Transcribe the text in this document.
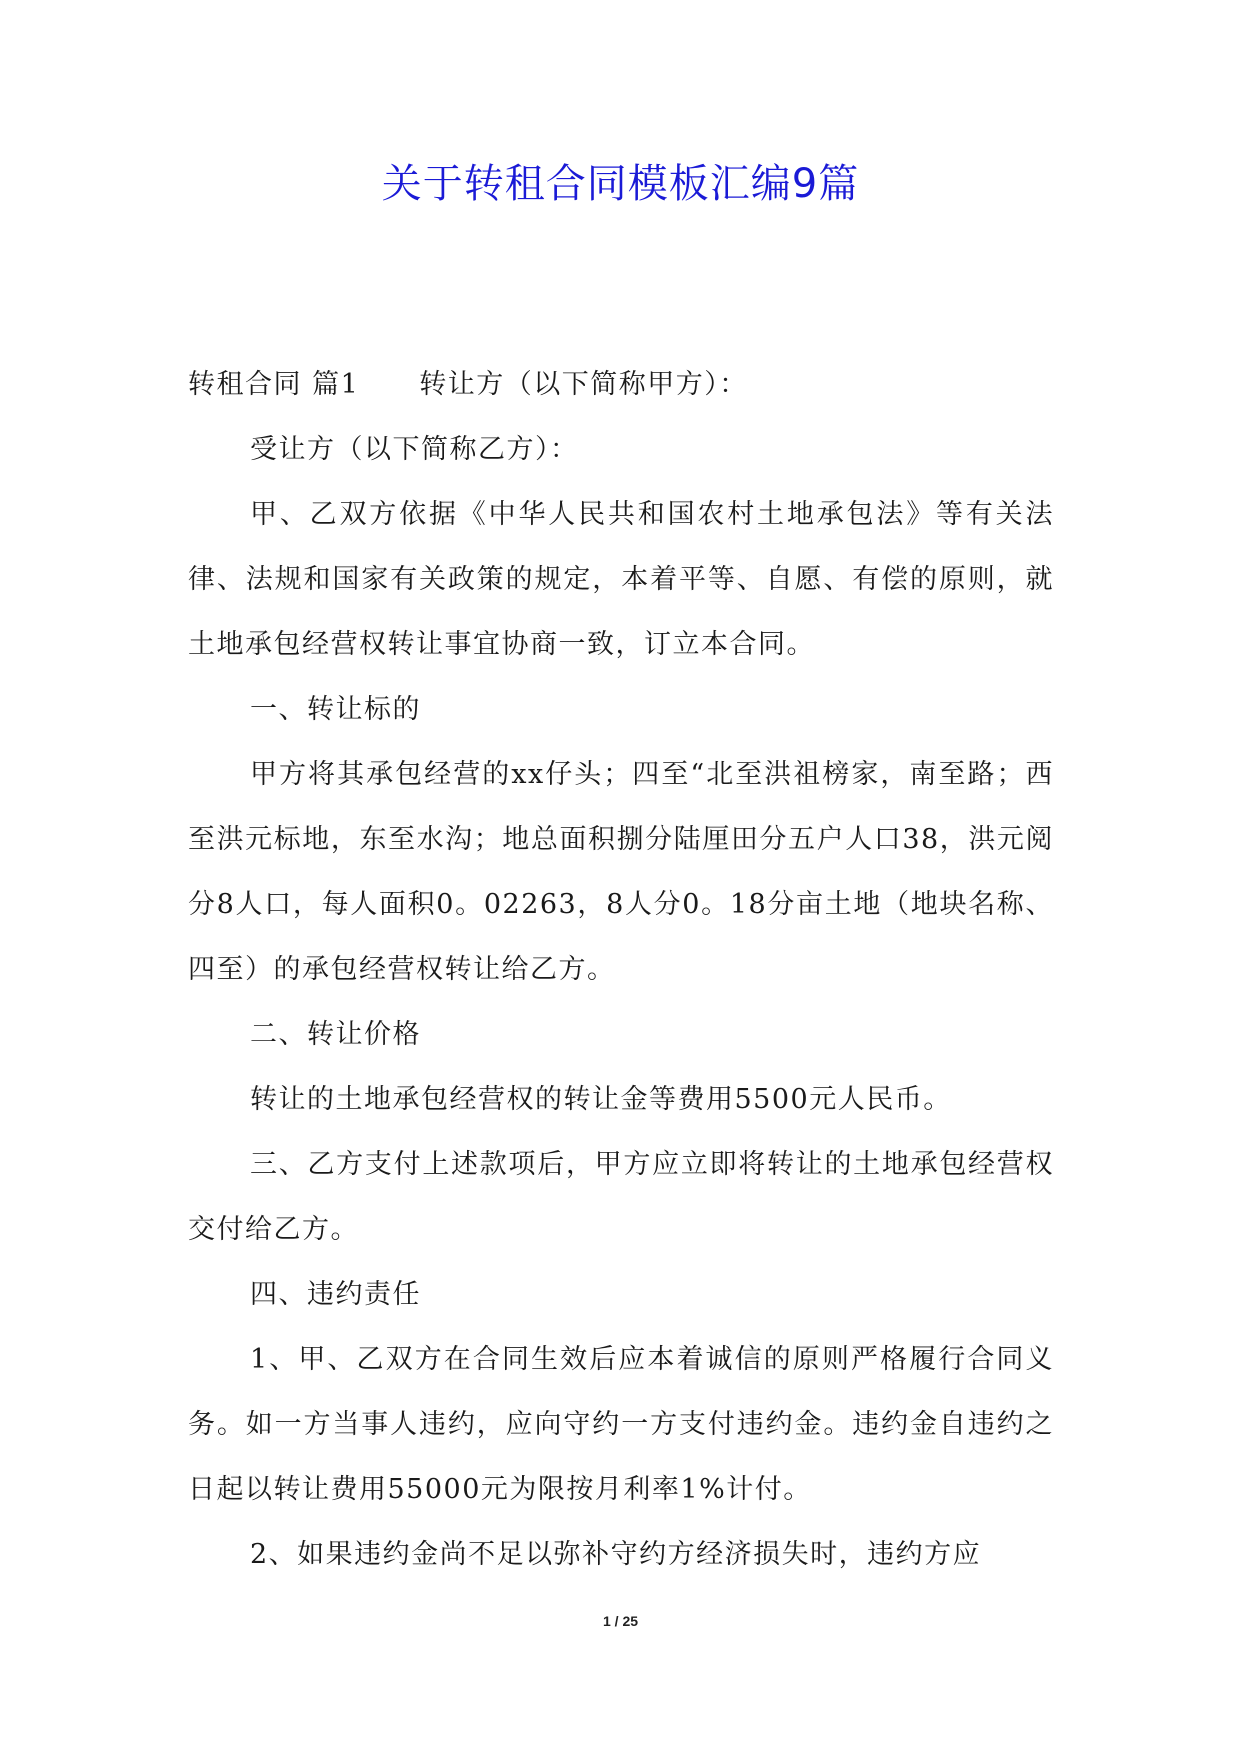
关于转租合同模板汇编9篇

转租合同 篇1 转让方（以下简称甲方）：

受让方（以下简称乙方）：

甲、乙双方依据《中华人民共和国农村土地承包法》等有关法律、法规和国家有关政策的规定，本着平等、自愿、有偿的原则，就土地承包经营权转让事宜协商一致，订立本合同。

一、转让标的

甲方将其承包经营的xx仔头；四至“北至洪祖榜家，南至路；西至洪元标地，东至水沟；地总面积捌分陆厘田分五户人口38，洪元阅分8人口，每人面积0。02263，8人分0。18分亩土地（地块名称、四至）的承包经营权转让给乙方。

二、转让价格

转让的土地承包经营权的转让金等费用5500元人民币。

三、乙方支付上述款项后，甲方应立即将转让的土地承包经营权交付给乙方。

四、违约责任

1、甲、乙双方在合同生效后应本着诚信的原则严格履行合同义务。如一方当事人违约，应向守约一方支付违约金。违约金自违约之日起以转让费用55000元为限按月利率1%计付。

2、如果违约金尚不足以弥补守约方经济损失时，违约方应

1 / 25
